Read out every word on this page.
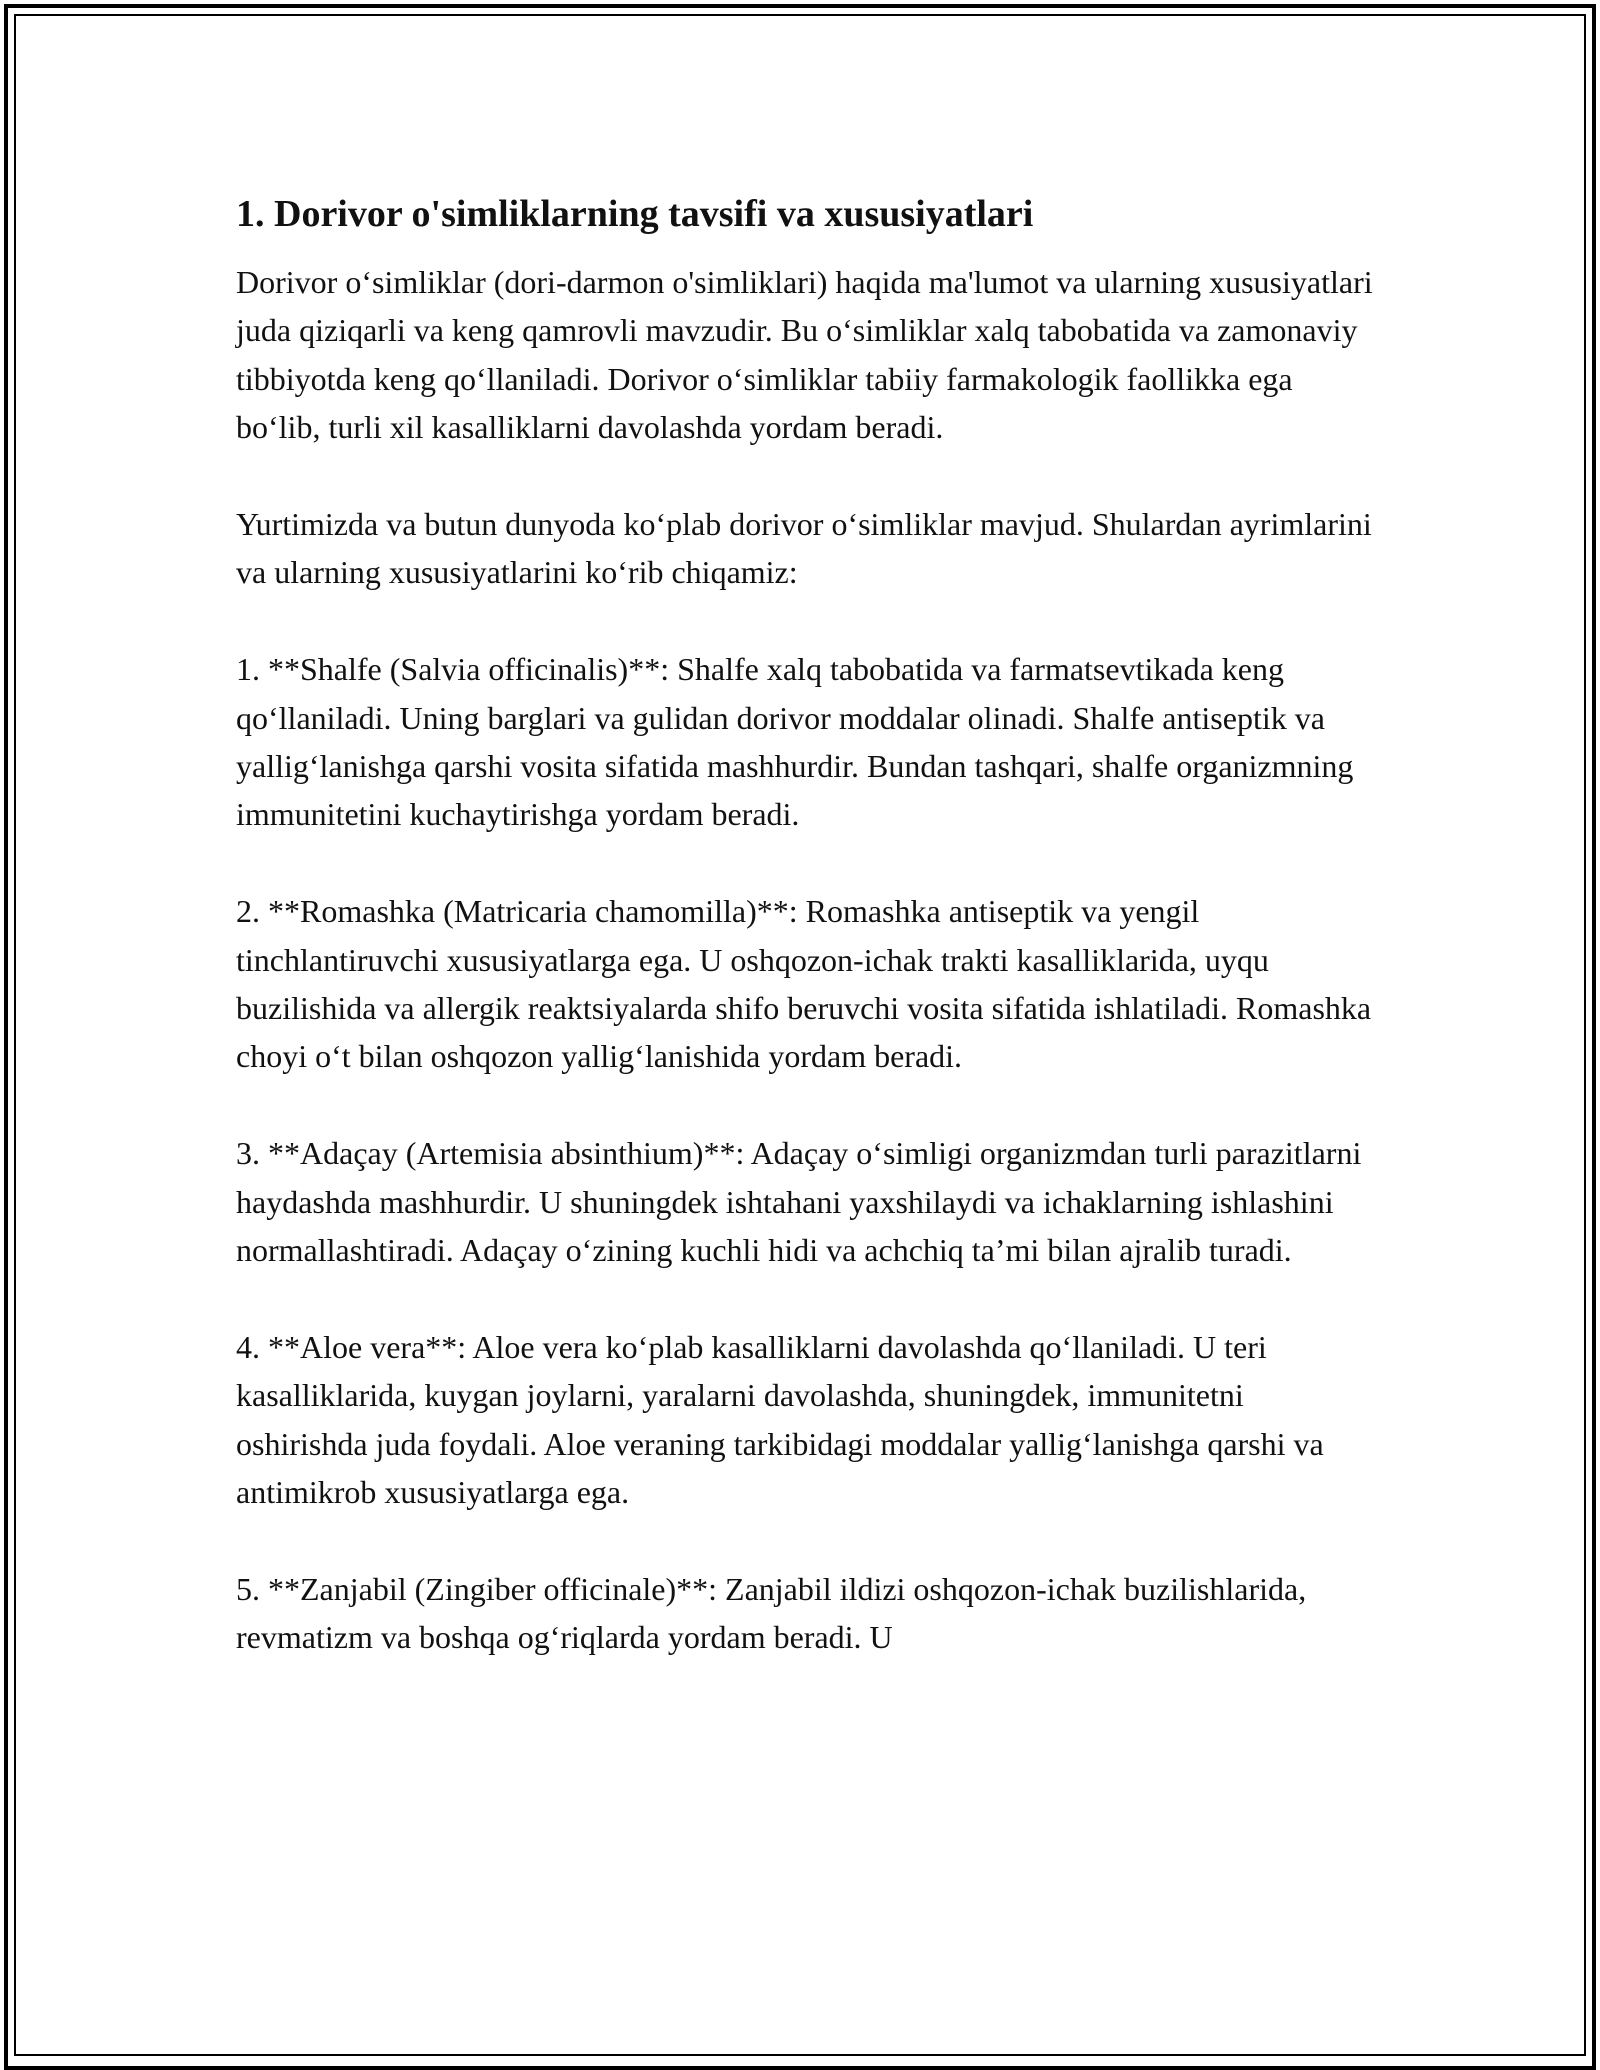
1. Dorivor o'simliklarning tavsifi va xususiyatlari

Dorivor o‘simliklar (dori-darmon o'simliklari) haqida ma'lumot va ularning xususiyatlari juda qiziqarli va keng qamrovli mavzudir. Bu o‘simliklar xalq tabobatida va zamonaviy tibbiyotda keng qo‘llaniladi. Dorivor o‘simliklar tabiiy farmakologik faollikka ega bo‘lib, turli xil kasalliklarni davolashda yordam beradi.

Yurtimizda va butun dunyoda ko‘plab dorivor o‘simliklar mavjud. Shulardan ayrimlarini va ularning xususiyatlarini ko‘rib chiqamiz:

1. **Shalfe (Salvia officinalis)**: Shalfe xalq tabobatida va farmatsevtikada keng qo‘llaniladi. Uning barglari va gulidan dorivor moddalar olinadi. Shalfe antiseptik va yallig‘lanishga qarshi vosita sifatida mashhurdir. Bundan tashqari, shalfe organizmning immunitetini kuchaytirishga yordam beradi.

2. **Romashka (Matricaria chamomilla)**: Romashka antiseptik va yengil tinchlantiruvchi xususiyatlarga ega. U oshqozon-ichak trakti kasalliklarida, uyqu buzilishida va allergik reaktsiyalarda shifo beruvchi vosita sifatida ishlatiladi. Romashka choyi o‘t bilan oshqozon yallig‘lanishida yordam beradi.

3. **Adaçay (Artemisia absinthium)**: Adaçay o‘simligi organizmdan turli parazitlarni haydashda mashhurdir. U shuningdek ishtahani yaxshilaydi va ichaklarning ishlashini normallashtiradi. Adaçay o‘zining kuchli hidi va achchiq ta’mi bilan ajralib turadi.

4. **Aloe vera**: Aloe vera ko‘plab kasalliklarni davolashda qo‘llaniladi. U teri kasalliklarida, kuygan joylarni, yaralarni davolashda, shuningdek, immunitetni oshirishda juda foydali. Aloe veraning tarkibidagi moddalar yallig‘lanishga qarshi va antimikrob xususiyatlarga ega.

5. **Zanjabil (Zingiber officinale)**: Zanjabil ildizi oshqozon-ichak buzilishlarida, revmatizm va boshqa og‘riqlarda yordam beradi. U
